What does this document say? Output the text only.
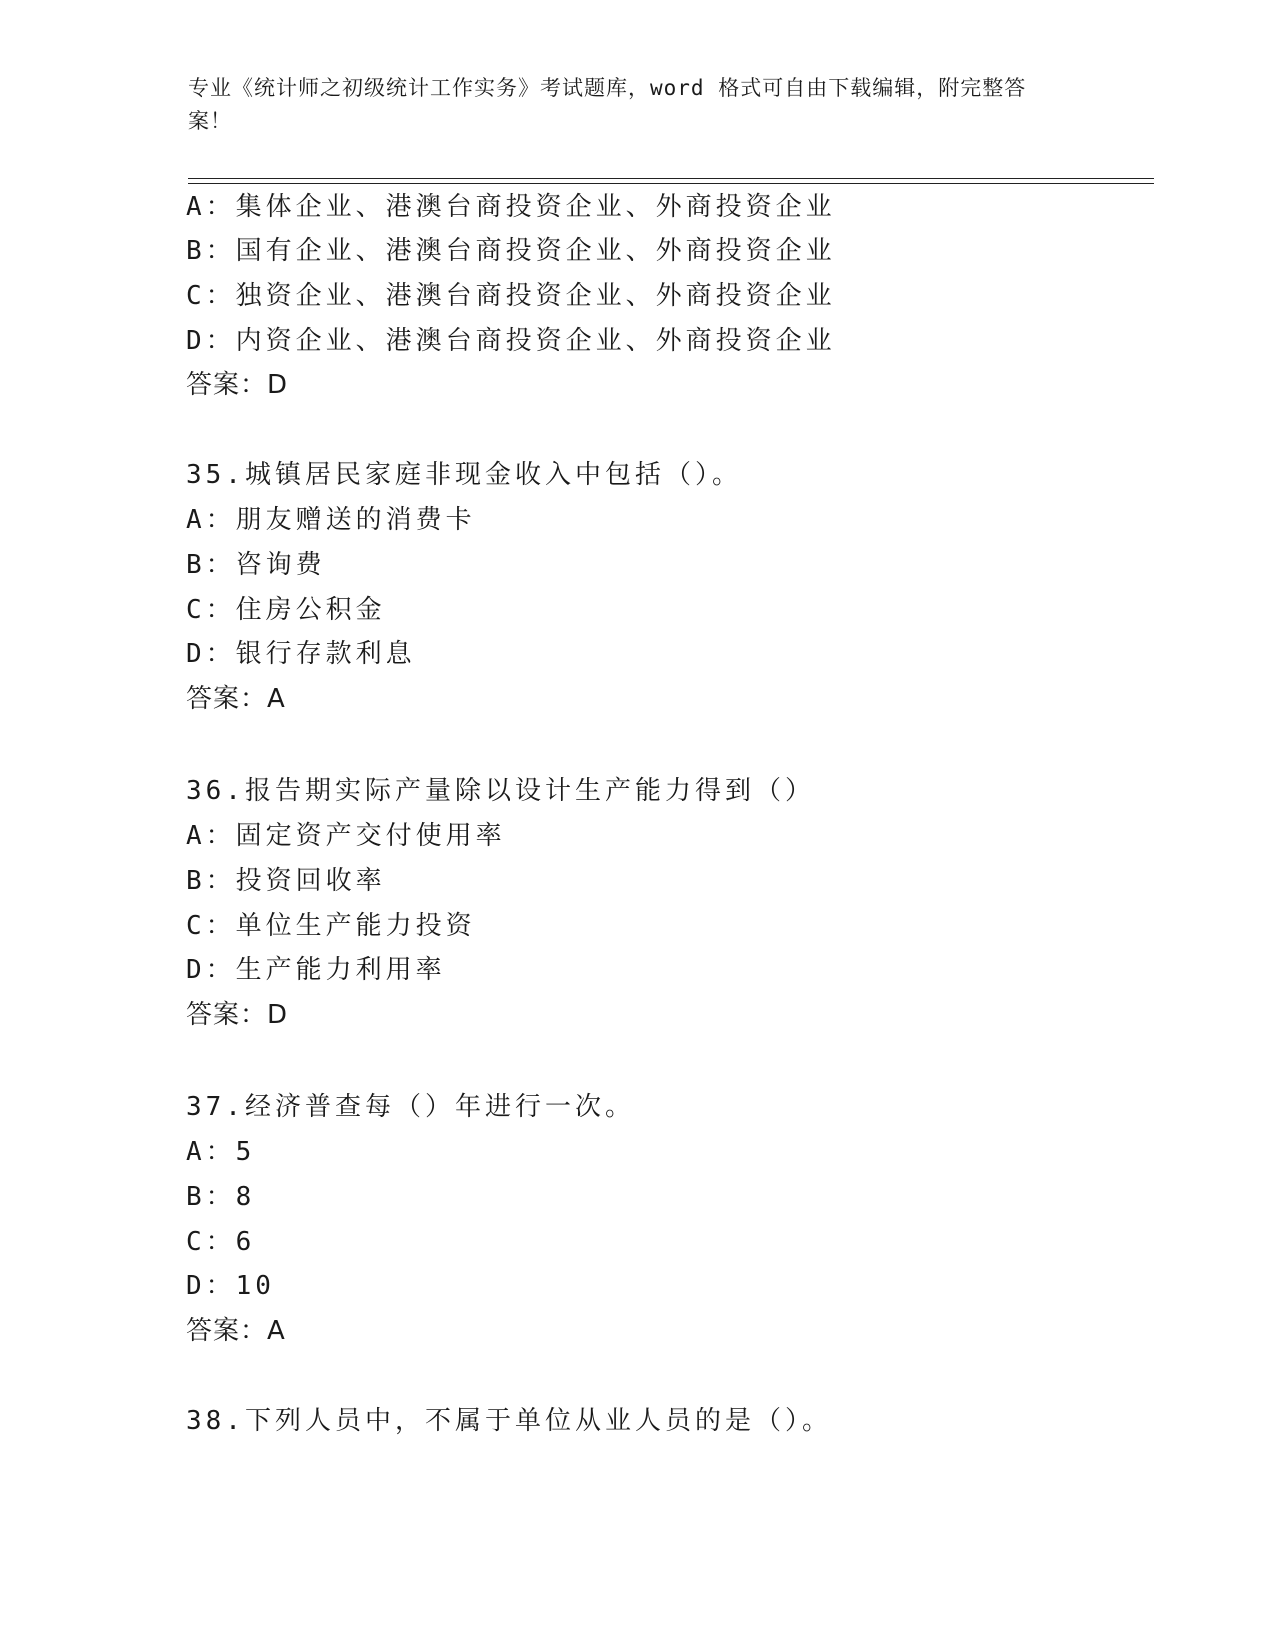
专业《统计师之初级统计工作实务》考试题库，word 格式可自由下载编辑，附完整答案！
A：集体企业、港澳台商投资企业、外商投资企业
B：国有企业、港澳台商投资企业、外商投资企业
C：独资企业、港澳台商投资企业、外商投资企业
D：内资企业、港澳台商投资企业、外商投资企业
答案：D
35.城镇居民家庭非现金收入中包括（）。
A：朋友赠送的消费卡
B：咨询费
C：住房公积金
D：银行存款利息
答案：A
36.报告期实际产量除以设计生产能力得到（）
A：固定资产交付使用率
B：投资回收率
C：单位生产能力投资
D：生产能力利用率
答案：D
37.经济普查每（）年进行一次。
A：5
B：8
C：6
D：10
答案：A
38.下列人员中，不属于单位从业人员的是（）。
